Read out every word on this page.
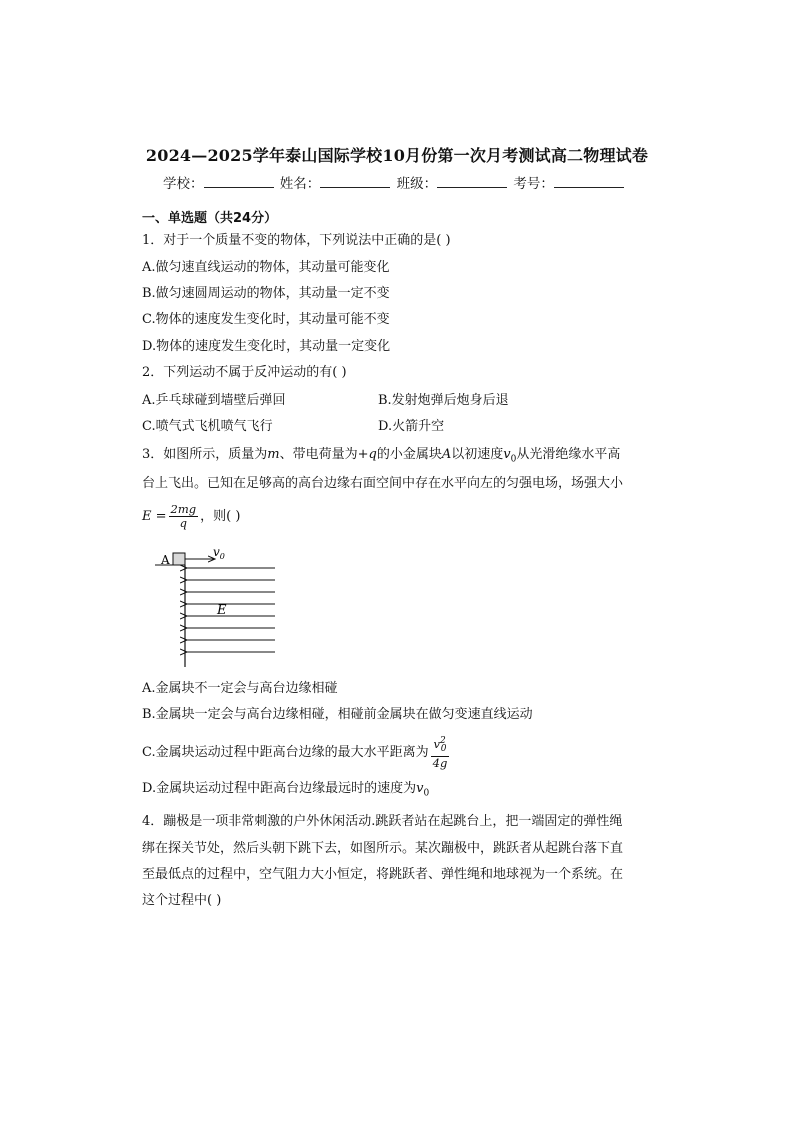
2024—2025学年泰山国际学校10月份第一次月考测试高二物理试卷
学校：	姓名：	班级：	考号：
一、单选题（共24分）
1．对于一个质量不变的物体，下列说法中正确的是( )
A.做匀速直线运动的物体，其动量可能变化
B.做匀速圆周运动的物体，其动量一定不变
C.物体的速度发生变化时，其动量可能不变
D.物体的速度发生变化时，其动量一定变化
2．下列运动不属于反冲运动的有( )
A.乒乓球碰到墙壁后弹回	B.发射炮弹后炮身后退
C.喷气式飞机喷气飞行	D.火箭升空
3．如图所示，质量为m、带电荷量为+q的小金属块A以初速度$v_0$从光滑绝缘水平高
台上飞出。已知在足够高的高台边缘右面空间中存在水平向左的匀强电场，场强大小
$E = \frac{2mg}{q}$ ，则( )
A
$v_0$
E
A.金属块不一定会与高台边缘相碰
B.金属块一定会与高台边缘相碰，相碰前金属块在做匀变速直线运动
C.金属块运动过程中距高台边缘的最大水平距离为 $\frac{v^2_0}{4g}$
D.金属块运动过程中距高台边缘最远时的速度为$v_0$
4．蹦极是一项非常刺激的户外休闲活动.跳跃者站在起跳台上，把一端固定的弹性绳
绑在探关节处，然后头朝下跳下去，如图所示。某次蹦极中，跳跃者从起跳台落下直
至最低点的过程中，空气阻力大小恒定，将跳跃者、弹性绳和地球视为一个系统。在
这个过程中( )
